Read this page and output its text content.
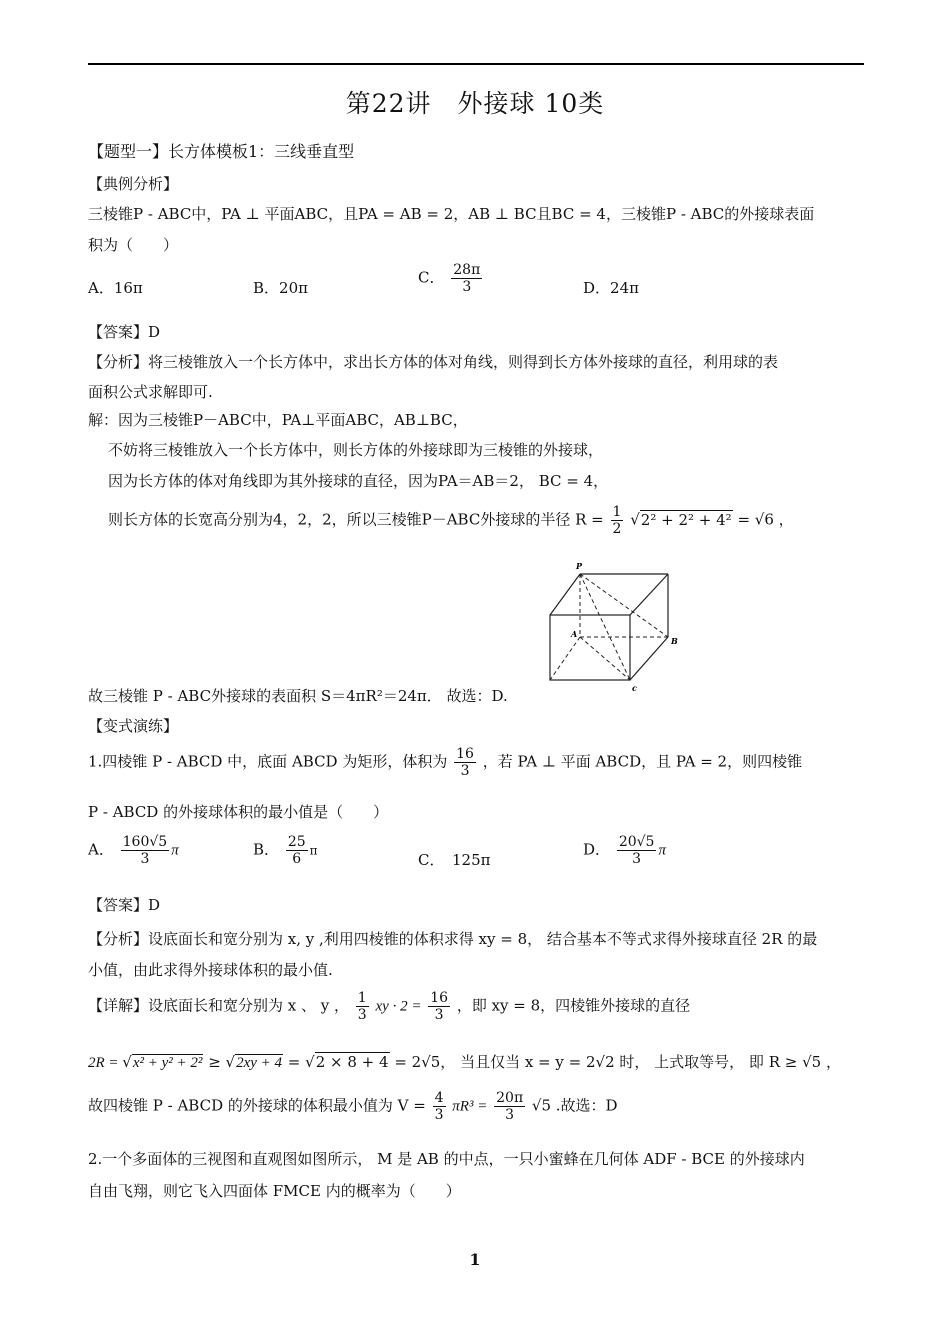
第22讲　外接球 10类
【题型一】长方体模板1：三线垂直型
【典例分析】
三棱锥P - ABC中，PA ⊥ 平面ABC，且PA = AB = 2，AB ⊥ BC且BC = 4，三棱锥P - ABC的外接球表面
积为（　　）
A．16π	B．20π
C． $\frac{28\pi}{3}$	D．24π
【答案】D
【分析】将三棱锥放入一个长方体中，求出长方体的体对角线，则得到长方体外接球的直径，利用球的表
面积公式求解即可.
解：因为三棱锥P－ABC中，PA⊥平面ABC，AB⊥BC，
不妨将三棱锥放入一个长方体中，则长方体的外接球即为三棱锥的外接球，
因为长方体的体对角线即为其外接球的直径，因为PA＝AB＝2， BC = 4，
则长方体的长宽高分别为4，2，2，所以三棱锥P－ABC外接球的半径 $R = \frac{1}{2} √2^2 + 2^2 + 4^2 = √6$ ，
P
A
B
c
故三棱锥 P - ABC外接球的表面积 S＝4πR²＝24π． 故选：D.
【变式演练】
1.四棱锥 P - ABCD 中，底面 ABCD 为矩形，体积为 $\frac{16}{3}$ ，若 PA ⊥ 平面 ABCD，且 PA = 2，则四棱锥
P - ABCD 的外接球体积的最小值是（　　）
A． $\frac{160√5}{3}$ π	B． $\frac{25}{6}$ π
C．　125π
D． $\frac{20√5}{3}$ π
【答案】D
【分析】设底面长和宽分别为 x, y ,利用四棱锥的体积求得 xy = 8， 结合基本不等式求得外接球直径 2R 的最
小值，由此求得外接球体积的最小值.
【详解】设底面长和宽分别为 x 、 y ， $\frac{1}{3}$ xy · $2 = \frac{16}{3}$ ，即 xy = 8，四棱锥外接球的直径
2R = √x² + y² + 2² ≥ √2xy + 4 = √2 × 8 + 4 = 2√5， 当且仅当 x = y = 2√2 时， 上式取等号， 即 R ≥ √5 ，
故四棱锥 P - ABCD 的外接球的体积最小值为 $V = \frac{4}{3} \pi R^3 = \frac{20\pi}{3} √5$ .故选：D
2.一个多面体的三视图和直观图如图所示， M 是 AB 的中点，一只小蜜蜂在几何体 ADF - BCE 的外接球内
自由飞翔，则它飞入四面体 FMCE 内的概率为（　　）
1
